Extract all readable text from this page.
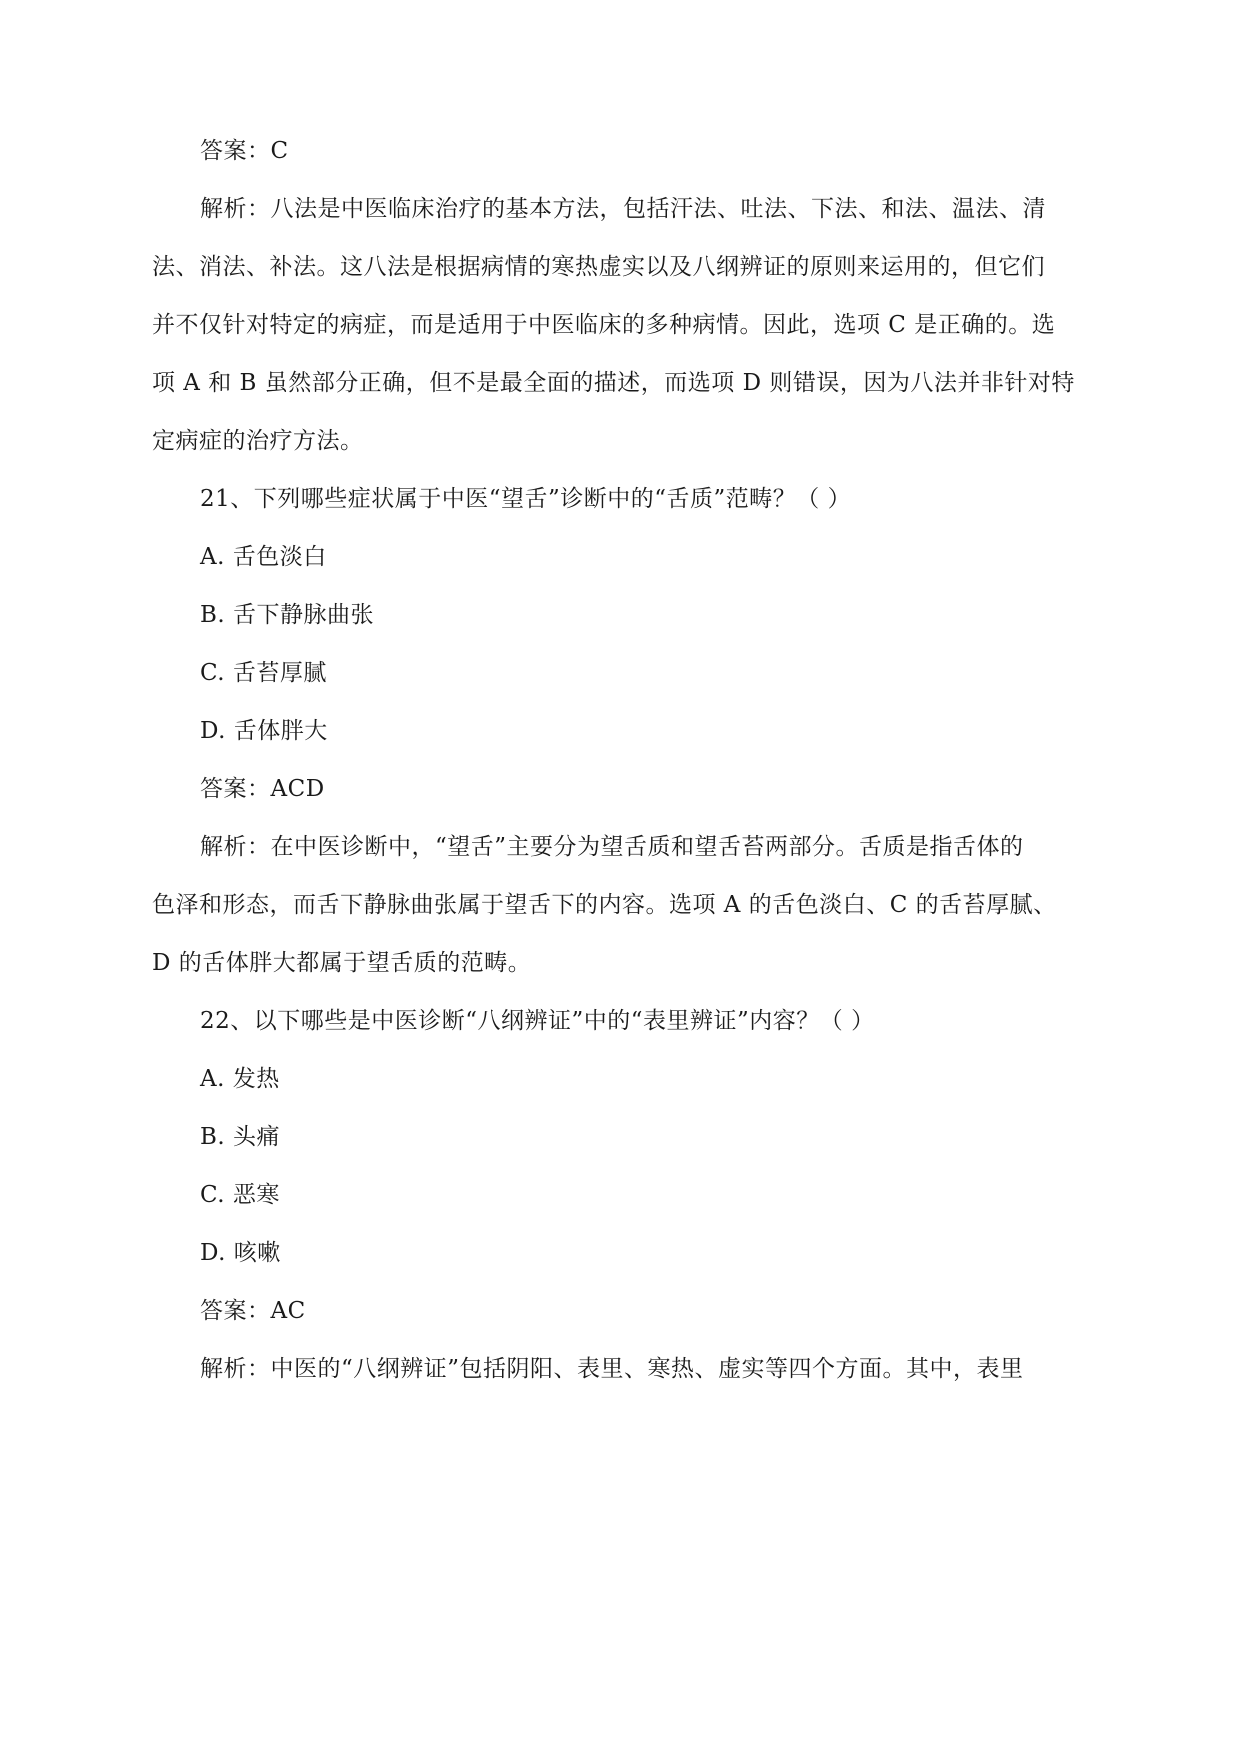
答案：C
解析：八法是中医临床治疗的基本方法，包括汗法、吐法、下法、和法、温法、清
法、消法、补法。这八法是根据病情的寒热虚实以及八纲辨证的原则来运用的，但它们
并不仅针对特定的病症，而是适用于中医临床的多种病情。因此，选项 C 是正确的。选
项 A 和 B 虽然部分正确，但不是最全面的描述，而选项 D 则错误，因为八法并非针对特
定病症的治疗方法。
21、下列哪些症状属于中医“望舌”诊断中的“舌质”范畴？（ ）
A. 舌色淡白
B. 舌下静脉曲张
C. 舌苔厚腻
D. 舌体胖大
答案：ACD
解析：在中医诊断中，“望舌”主要分为望舌质和望舌苔两部分。舌质是指舌体的
色泽和形态，而舌下静脉曲张属于望舌下的内容。选项 A 的舌色淡白、C 的舌苔厚腻、
D 的舌体胖大都属于望舌质的范畴。
22、以下哪些是中医诊断“八纲辨证”中的“表里辨证”内容？（ ）
A. 发热
B. 头痛
C. 恶寒
D. 咳嗽
答案：AC
解析：中医的“八纲辨证”包括阴阳、表里、寒热、虚实等四个方面。其中，表里
